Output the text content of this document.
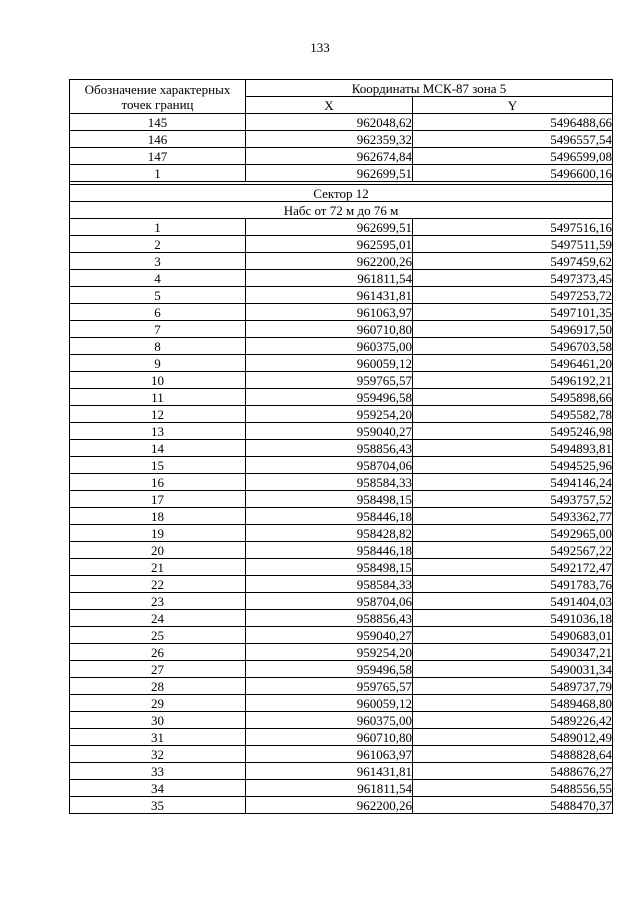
133
Обозначение характерных точек границ	Координаты МСК-87 зона 5	
	X	Y
145	962048,62	5496488,66
146	962359,32	5496557,54
147	962674,84	5496599,08
1	962699,51	5496600,16

Сектор 12		
Набс от 72 м до 76 м		
1	962699,51	5497516,16
2	962595,01	5497511,59
3	962200,26	5497459,62
4	961811,54	5497373,45
5	961431,81	5497253,72
6	961063,97	5497101,35
7	960710,80	5496917,50
8	960375,00	5496703,58
9	960059,12	5496461,20
10	959765,57	5496192,21
11	959496,58	5495898,66
12	959254,20	5495582,78
13	959040,27	5495246,98
14	958856,43	5494893,81
15	958704,06	5494525,96
16	958584,33	5494146,24
17	958498,15	5493757,52
18	958446,18	5493362,77
19	958428,82	5492965,00
20	958446,18	5492567,22
21	958498,15	5492172,47
22	958584,33	5491783,76
23	958704,06	5491404,03
24	958856,43	5491036,18
25	959040,27	5490683,01
26	959254,20	5490347,21
27	959496,58	5490031,34
28	959765,57	5489737,79
29	960059,12	5489468,80
30	960375,00	5489226,42
31	960710,80	5489012,49
32	961063,97	5488828,64
33	961431,81	5488676,27
34	961811,54	5488556,55
35	962200,26	5488470,37
